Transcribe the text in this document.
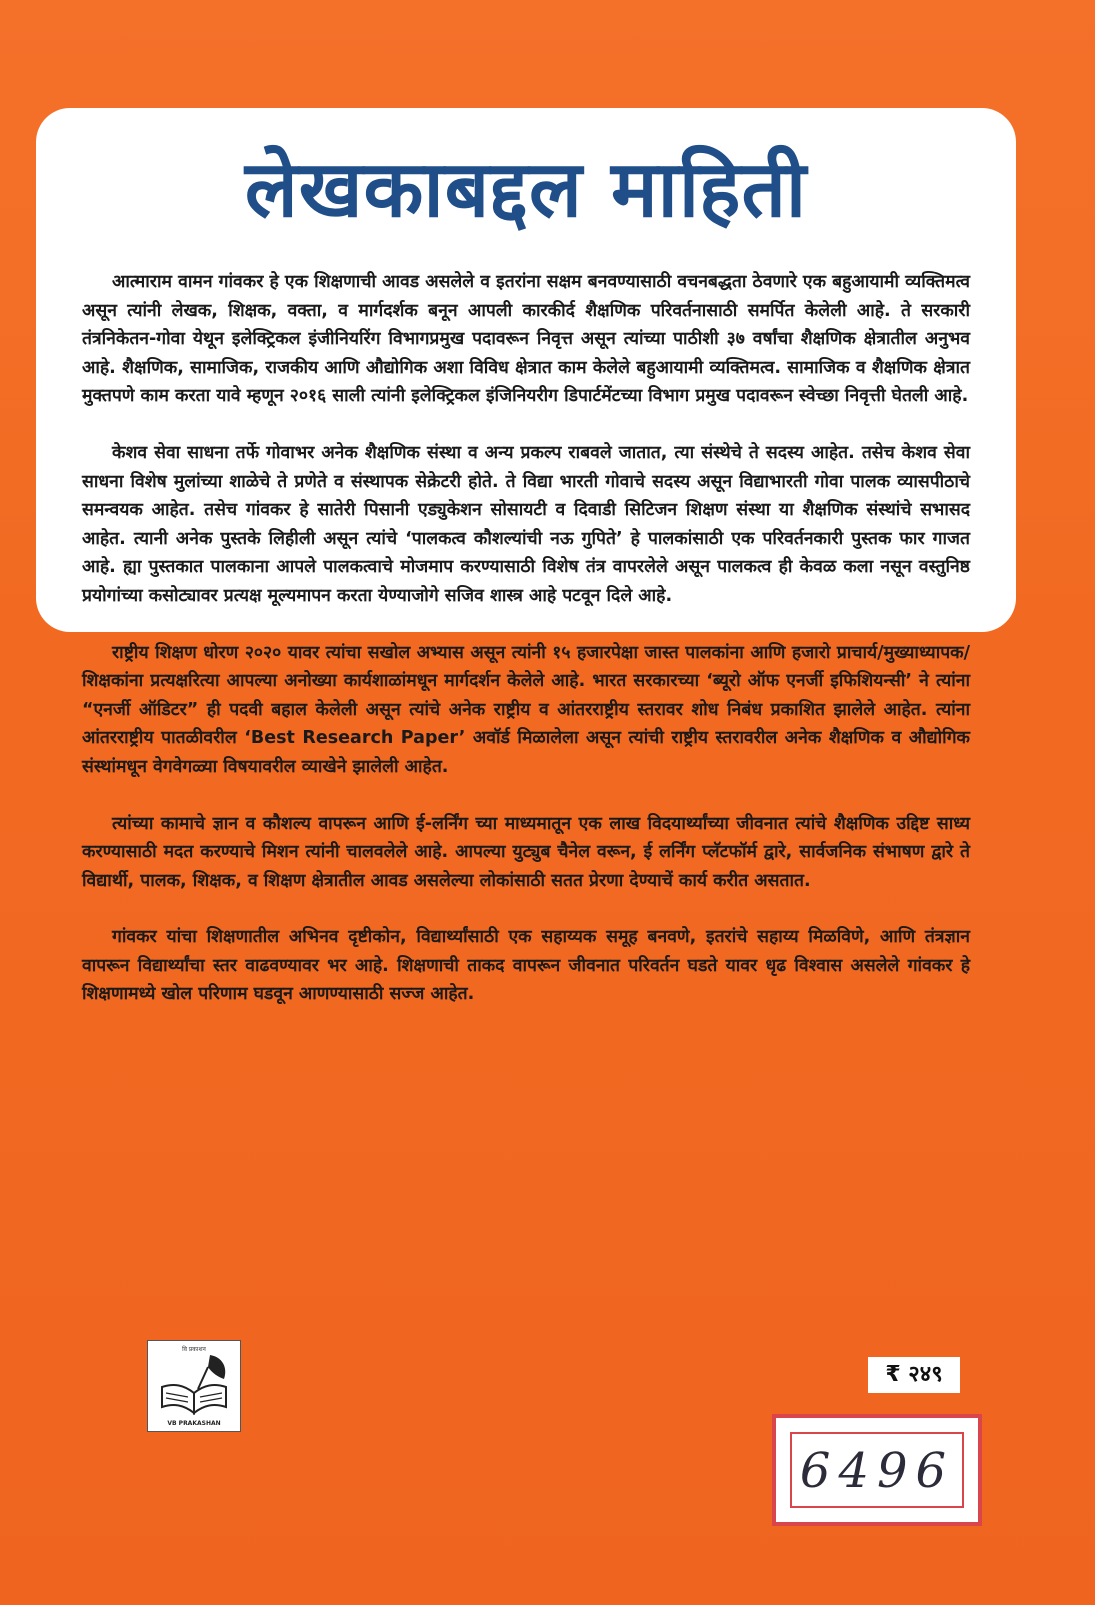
लेखकाबद्दल माहिती

आत्माराम वामन गांवकर हे एक शिक्षणाची आवड असलेले व इतरांना सक्षम बनवण्यासाठी वचनबद्धता ठेवणारे एक बहुआयामी व्यक्तिमत्व असून त्यांनी लेखक, शिक्षक, वक्ता, व मार्गदर्शक बनून आपली कारकीर्द शैक्षणिक परिवर्तनासाठी समर्पित केलेली आहे. ते सरकारी तंत्रनिकेतन-गोवा येथून इलेक्ट्रिकल इंजीनियरिंग विभागप्रमुख पदावरून निवृत्त असून त्यांच्या पाठीशी ३७ वर्षांचा शैक्षणिक क्षेत्रातील अनुभव आहे. शैक्षणिक, सामाजिक, राजकीय आणि औद्योगिक अशा विविध क्षेत्रात काम केलेले बहुआयामी व्यक्तिमत्व. सामाजिक व शैक्षणिक क्षेत्रात मुक्तपणे काम करता यावे म्हणून २०१६ साली त्यांनी इलेक्ट्रिकल इंजिनियरीग डिपार्टमेंटच्या विभाग प्रमुख पदावरून स्वेच्छा निवृत्ती घेतली आहे.

केशव सेवा साधना तर्फे गोवाभर अनेक शैक्षणिक संस्था व अन्य प्रकल्प राबवले जातात, त्या संस्थेचे ते सदस्य आहेत. तसेच केशव सेवा साधना विशेष मुलांच्या शाळेचे ते प्रणेते व संस्थापक सेक्रेटरी होते. ते विद्या भारती गोवाचे सदस्य असून विद्याभारती गोवा पालक व्यासपीठाचे समन्वयक आहेत. तसेच गांवकर हे सातेरी पिसानी एड्युकेशन सोसायटी व दिवाडी सिटिजन शिक्षण संस्था या शैक्षणिक संस्थांचे सभासद आहेत. त्यानी अनेक पुस्तके लिहीली असून त्यांचे ‘पालकत्व कौशल्यांची नऊ गुपिते’ हे पालकांसाठी एक परिवर्तनकारी पुस्तक फार गाजत आहे. ह्या पुस्तकात पालकाना आपले पालकत्वाचे मोजमाप करण्यासाठी विशेष तंत्र वापरलेले असून पालकत्व ही केवळ कला नसून वस्तुनिष्ठ प्रयोगांच्या कसोट्यावर प्रत्यक्ष मूल्यमापन करता येण्याजोगे सजिव शास्त्र आहे पटवून दिले आहे.

राष्ट्रीय शिक्षण धोरण २०२० यावर त्यांचा सखोल अभ्यास असून त्यांनी १५ हजारपेक्षा जास्त पालकांना आणि हजारो प्राचार्य/मुख्याध्यापक/शिक्षकांना प्रत्यक्षरित्या आपल्या अनोख्या कार्यशाळांमधून मार्गदर्शन केलेले आहे. भारत सरकारच्या ‘ब्यूरो ऑफ एनर्जी इफिशियन्सी’ ने त्यांना “एनर्जी ऑडिटर” ही पदवी बहाल केलेली असून त्यांचे अनेक राष्ट्रीय व आंतरराष्ट्रीय स्तरावर शोध निबंध प्रकाशित झालेले आहेत. त्यांना आंतरराष्ट्रीय पातळीवरील ‘Best Research Paper’ अवॉर्ड मिळालेला असून त्यांची राष्ट्रीय स्तरावरील अनेक शैक्षणिक व औद्योगिक संस्थांमधून वेगवेगळ्या विषयावरील व्याखेने झालेली आहेत.

त्यांच्या कामाचे ज्ञान व कौशल्य वापरून आणि ई-लर्निंग च्या माध्यमातून एक लाख विदयार्थ्यांच्या जीवनात त्यांचे शैक्षणिक उद्दिष्ट साध्य करण्यासाठी मदत करण्याचे मिशन त्यांनी चालवलेले आहे. आपल्या युट्युब चैनेल वरून, ई लर्निंग प्लॅटफॉर्म द्वारे, सार्वजनिक संभाषण द्वारे ते विद्यार्थी, पालक, शिक्षक, व शिक्षण क्षेत्रातील आवड असलेल्या लोकांसाठी सतत प्रेरणा देण्याचें कार्य करीत असतात.

गांवकर यांचा शिक्षणातील अभिनव दृष्टीकोन, विद्यार्थ्यांसाठी एक सहाय्यक समूह बनवणे, इतरांचे सहाय्य मिळविणे, आणि तंत्रज्ञान वापरून विद्यार्थ्यांचा स्तर वाढवण्यावर भर आहे. शिक्षणाची ताकद वापरून जीवनात परिवर्तन घडते यावर धृढ विश्वास असलेले गांवकर हे शिक्षणामध्ये खोल परिणाम घडवून आणण्यासाठी सज्ज आहेत.

वि प्रकाशन
VB PRAKASHAN
₹ २४९
6496
